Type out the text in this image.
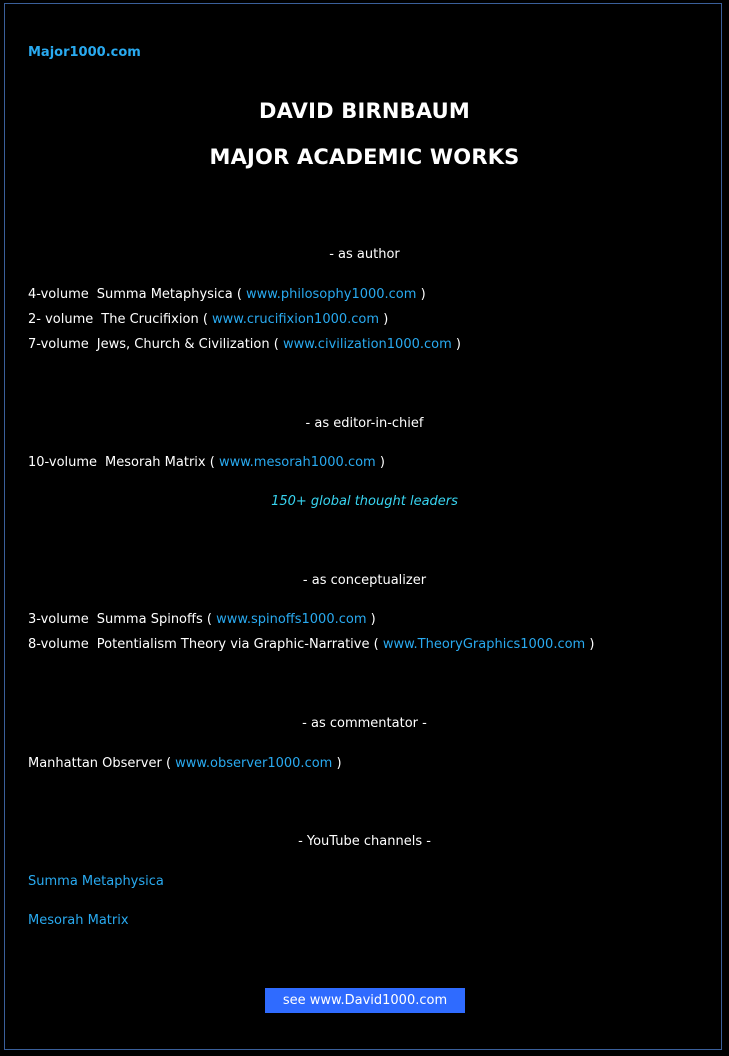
Major1000.com
DAVID BIRNBAUM
MAJOR ACADEMIC WORKS
- as author
4-volume Summa Metaphysica ( www.philosophy1000.com )
2- volume The Crucifixion ( www.crucifixion1000.com )
7-volume Jews, Church & Civilization ( www.civilization1000.com )
- as editor-in-chief
10-volume Mesorah Matrix ( www.mesorah1000.com )
150+ global thought leaders
- as conceptualizer
3-volume Summa Spinoffs ( www.spinoffs1000.com )
8-volume Potentialism Theory via Graphic-Narrative ( www.TheoryGraphics1000.com )
- as commentator -
Manhattan Observer ( www.observer1000.com )
- YouTube channels -
Summa Metaphysica
Mesorah Matrix
see www.David1000.com
